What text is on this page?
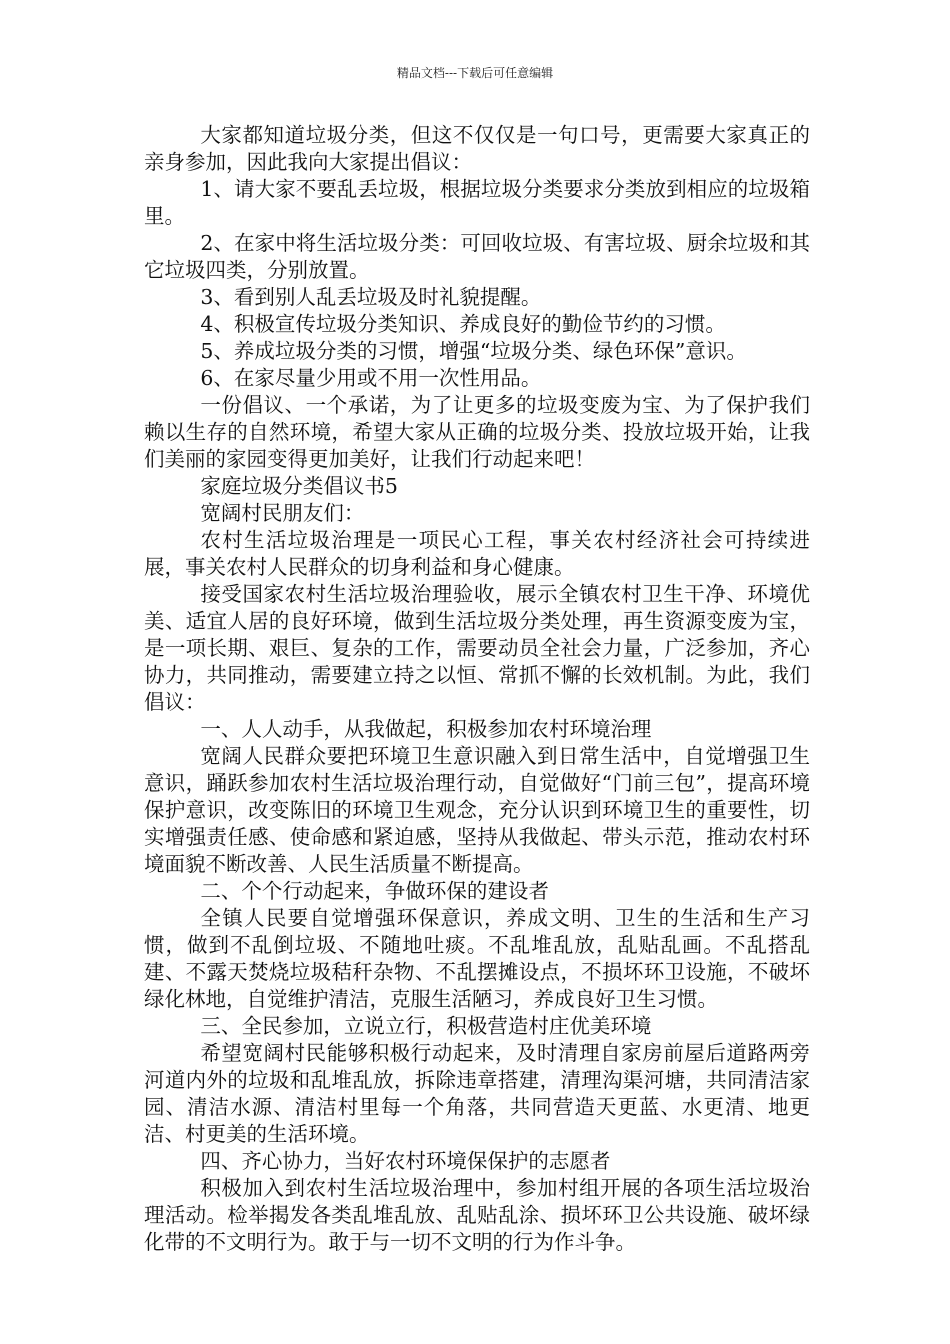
精品文档---下载后可任意编辑

大家都知道垃圾分类，但这不仅仅是一句口号，更需要大家真正的亲身参加，因此我向大家提出倡议：

1、请大家不要乱丢垃圾，根据垃圾分类要求分类放到相应的垃圾箱里。

2、在家中将生活垃圾分类：可回收垃圾、有害垃圾、厨余垃圾和其它垃圾四类，分别放置。

3、看到别人乱丢垃圾及时礼貌提醒。

4、积极宣传垃圾分类知识、养成良好的勤俭节约的习惯。

5、养成垃圾分类的习惯，增强“垃圾分类、绿色环保”意识。

6、在家尽量少用或不用一次性用品。

一份倡议、一个承诺，为了让更多的垃圾变废为宝、为了保护我们赖以生存的自然环境，希望大家从正确的垃圾分类、投放垃圾开始，让我们美丽的家园变得更加美好，让我们行动起来吧！

家庭垃圾分类倡议书5

宽阔村民朋友们：

农村生活垃圾治理是一项民心工程，事关农村经济社会可持续进展，事关农村人民群众的切身利益和身心健康。

接受国家农村生活垃圾治理验收，展示全镇农村卫生干净、环境优美、适宜人居的良好环境，做到生活垃圾分类处理，再生资源变废为宝，是一项长期、艰巨、复杂的工作，需要动员全社会力量，广泛参加，齐心协力，共同推动，需要建立持之以恒、常抓不懈的长效机制。为此，我们倡议：

一、人人动手，从我做起，积极参加农村环境治理

宽阔人民群众要把环境卫生意识融入到日常生活中，自觉增强卫生意识，踊跃参加农村生活垃圾治理行动，自觉做好“门前三包”，提高环境保护意识，改变陈旧的环境卫生观念，充分认识到环境卫生的重要性，切实增强责任感、使命感和紧迫感，坚持从我做起、带头示范，推动农村环境面貌不断改善、人民生活质量不断提高。

二、个个行动起来，争做环保的建设者

全镇人民要自觉增强环保意识，养成文明、卫生的生活和生产习惯，做到不乱倒垃圾、不随地吐痰。不乱堆乱放，乱贴乱画。不乱搭乱建、不露天焚烧垃圾秸秆杂物、不乱摆摊设点，不损坏环卫设施，不破坏绿化林地，自觉维护清洁，克服生活陋习，养成良好卫生习惯。

三、全民参加，立说立行，积极营造村庄优美环境

希望宽阔村民能够积极行动起来，及时清理自家房前屋后道路两旁河道内外的垃圾和乱堆乱放，拆除违章搭建，清理沟渠河塘，共同清洁家园、清洁水源、清洁村里每一个角落，共同营造天更蓝、水更清、地更洁、村更美的生活环境。

四、齐心协力，当好农村环境保保护的志愿者

积极加入到农村生活垃圾治理中，参加村组开展的各项生活垃圾治理活动。检举揭发各类乱堆乱放、乱贴乱涂、损坏环卫公共设施、破坏绿化带的不文明行为。敢于与一切不文明的行为作斗争。
